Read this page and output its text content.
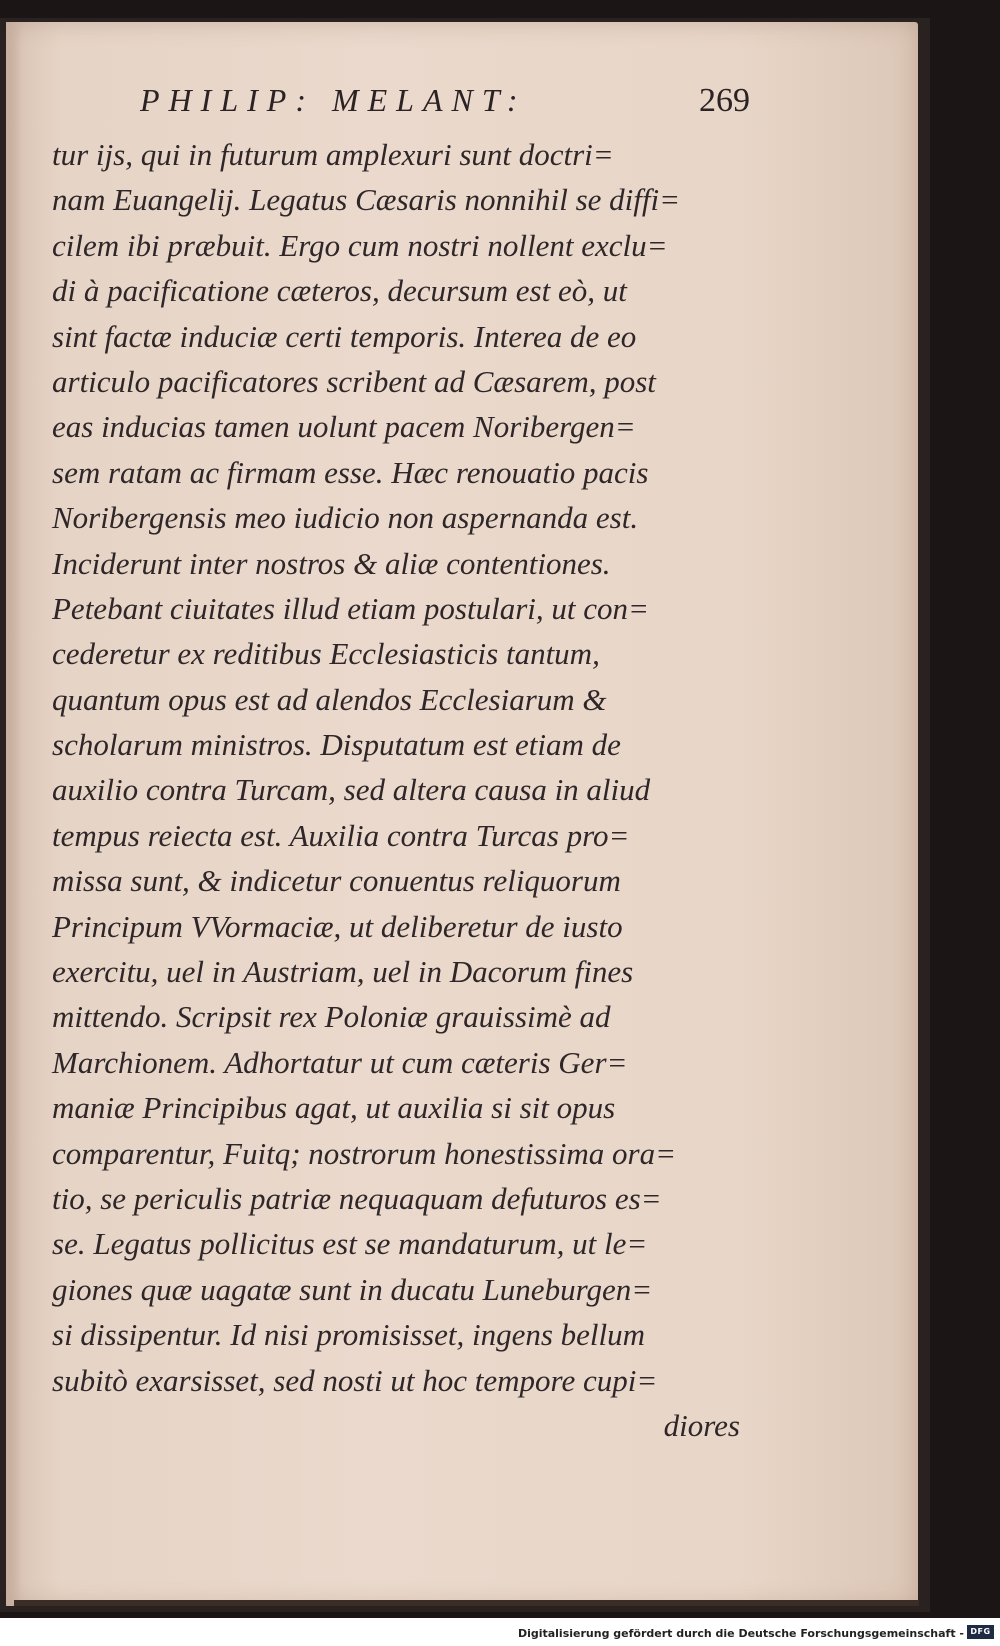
PHILIP: MELANT:	269
tur ijs, qui in futurum amplexuri sunt doctri=
nam Euangelij. Legatus Cæsaris nonnihil se diffi=
cilem ibi præbuit. Ergo cum nostri nollent exclu=
di à pacificatione cæteros, decursum est eò, ut
sint factæ induciæ certi temporis. Interea de eo
articulo pacificatores scribent ad Cæsarem, post
eas inducias tamen uolunt pacem Noribergen=
sem ratam ac firmam esse. Hæc renouatio pacis
Noribergensis meo iudicio non aspernanda est.
Inciderunt inter nostros & aliæ contentiones.
Petebant ciuitates illud etiam postulari, ut con=
cederetur ex reditibus Ecclesiasticis tantum,
quantum opus est ad alendos Ecclesiarum &
scholarum ministros. Disputatum est etiam de
auxilio contra Turcam, sed altera causa in aliud
tempus reiecta est. Auxilia contra Turcas pro=
missa sunt, & indicetur conuentus reliquorum
Principum VVormaciæ, ut deliberetur de iusto
exercitu, uel in Austriam, uel in Dacorum fines
mittendo. Scripsit rex Poloniæ grauissimè ad
Marchionem. Adhortatur ut cum cæteris Ger=
maniæ Principibus agat, ut auxilia si sit opus
comparentur, Fuitq; nostrorum honestissima ora=
tio, se periculis patriæ nequaquam defuturos es=
se. Legatus pollicitus est se mandaturum, ut le=
giones quæ uagatæ sunt in ducatu Luneburgen=
si dissipentur. Id nisi promisisset, ingens bellum
subitò exarsisset, sed nosti ut hoc tempore cupi=
diores
Digitalisierung gefördert durch die Deutsche Forschungsgemeinschaft - DFG
